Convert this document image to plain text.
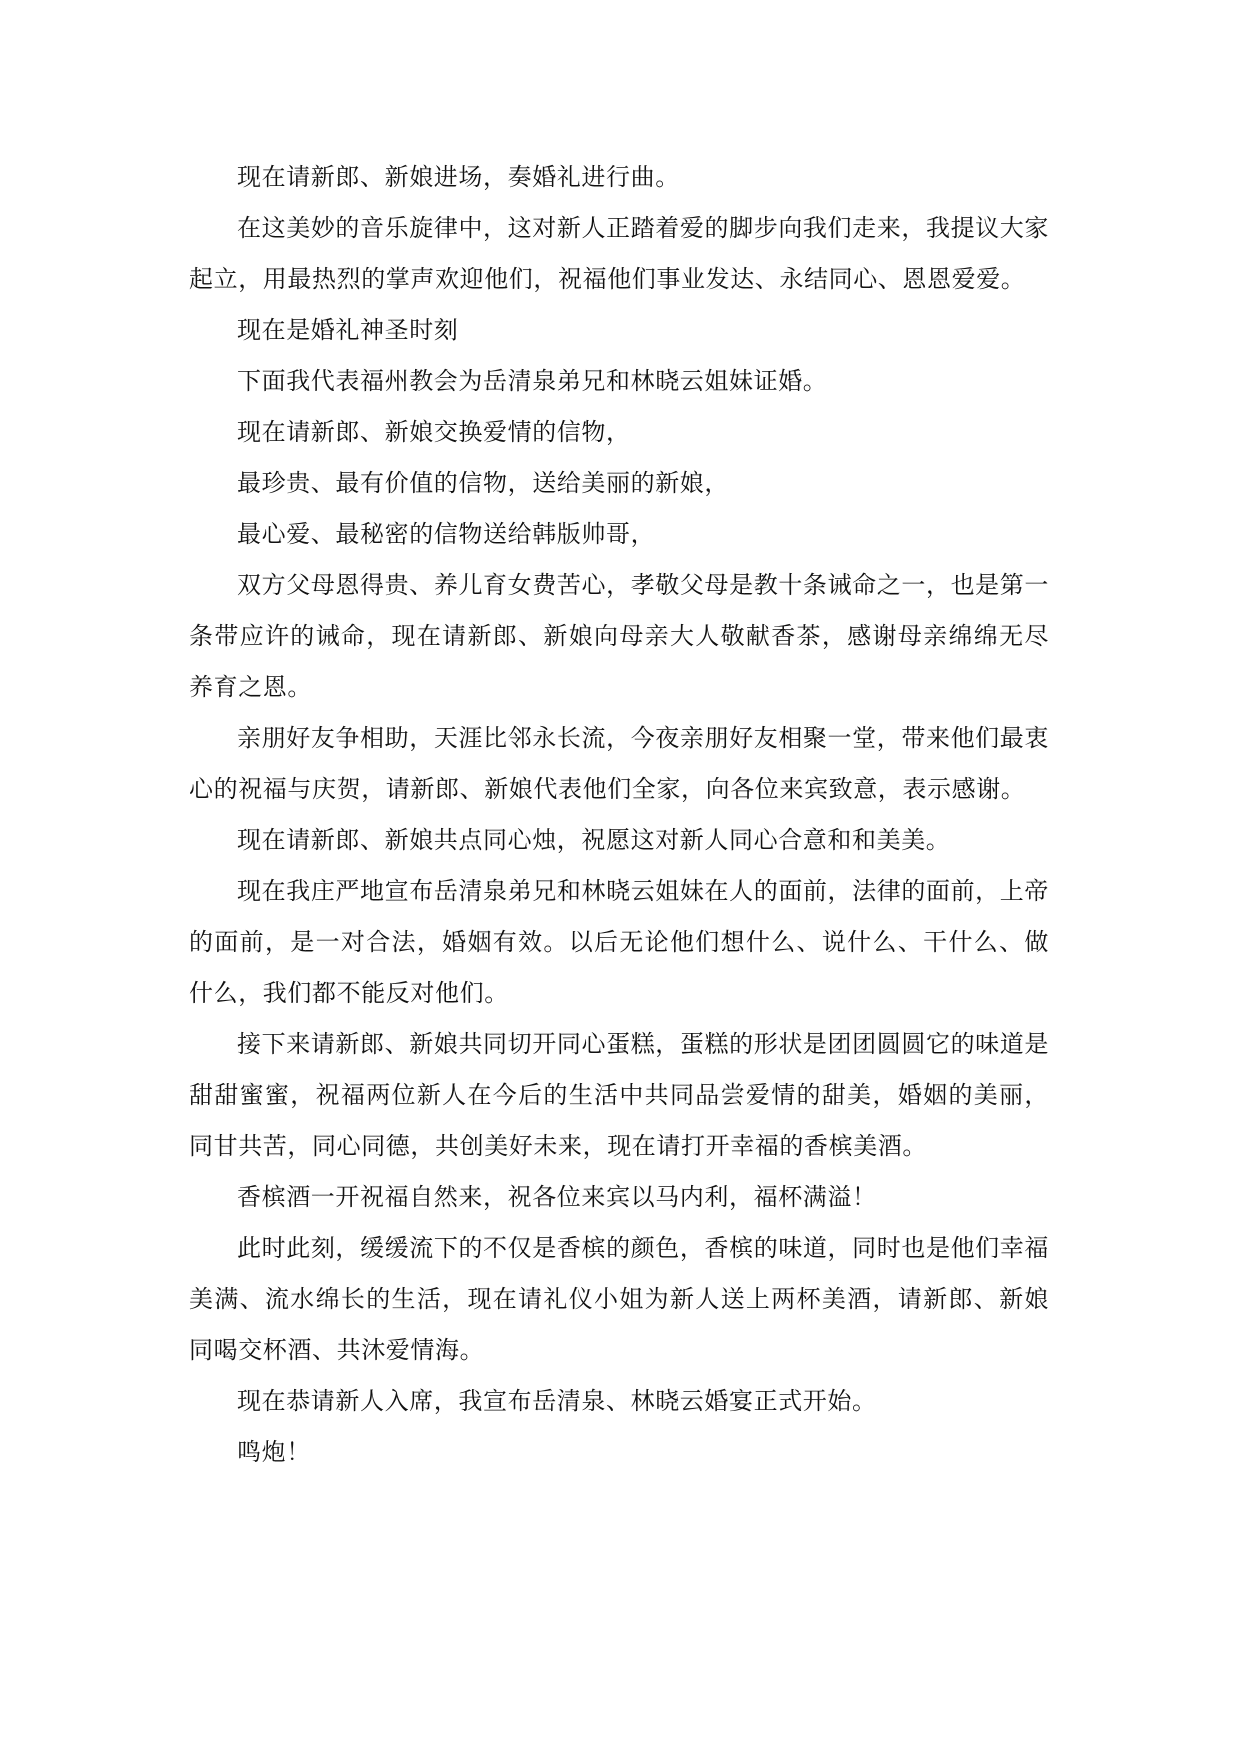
现在请新郎、新娘进场，奏婚礼进行曲。

在这美妙的音乐旋律中，这对新人正踏着爱的脚步向我们走来，我提议大家起立，用最热烈的掌声欢迎他们，祝福他们事业发达、永结同心、恩恩爱爱。

现在是婚礼神圣时刻

下面我代表福州教会为岳清泉弟兄和林晓云姐妹证婚。

现在请新郎、新娘交换爱情的信物，

最珍贵、最有价值的信物，送给美丽的新娘，

最心爱、最秘密的信物送给韩版帅哥，

双方父母恩得贵、养儿育女费苦心，孝敬父母是教十条诫命之一，也是第一条带应许的诫命，现在请新郎、新娘向母亲大人敬献香茶，感谢母亲绵绵无尽养育之恩。

亲朋好友争相助，天涯比邻永长流，今夜亲朋好友相聚一堂，带来他们最衷心的祝福与庆贺，请新郎、新娘代表他们全家，向各位来宾致意，表示感谢。

现在请新郎、新娘共点同心烛，祝愿这对新人同心合意和和美美。

现在我庄严地宣布岳清泉弟兄和林晓云姐妹在人的面前，法律的面前，上帝的面前，是一对合法，婚姻有效。以后无论他们想什么、说什么、干什么、做什么，我们都不能反对他们。

接下来请新郎、新娘共同切开同心蛋糕，蛋糕的形状是团团圆圆它的味道是甜甜蜜蜜，祝福两位新人在今后的生活中共同品尝爱情的甜美，婚姻的美丽，同甘共苦，同心同德，共创美好未来，现在请打开幸福的香槟美酒。

香槟酒一开祝福自然来，祝各位来宾以马内利，福杯满溢！

此时此刻，缓缓流下的不仅是香槟的颜色，香槟的味道，同时也是他们幸福美满、流水绵长的生活，现在请礼仪小姐为新人送上两杯美酒，请新郎、新娘同喝交杯酒、共沐爱情海。

现在恭请新人入席，我宣布岳清泉、林晓云婚宴正式开始。

鸣炮！
